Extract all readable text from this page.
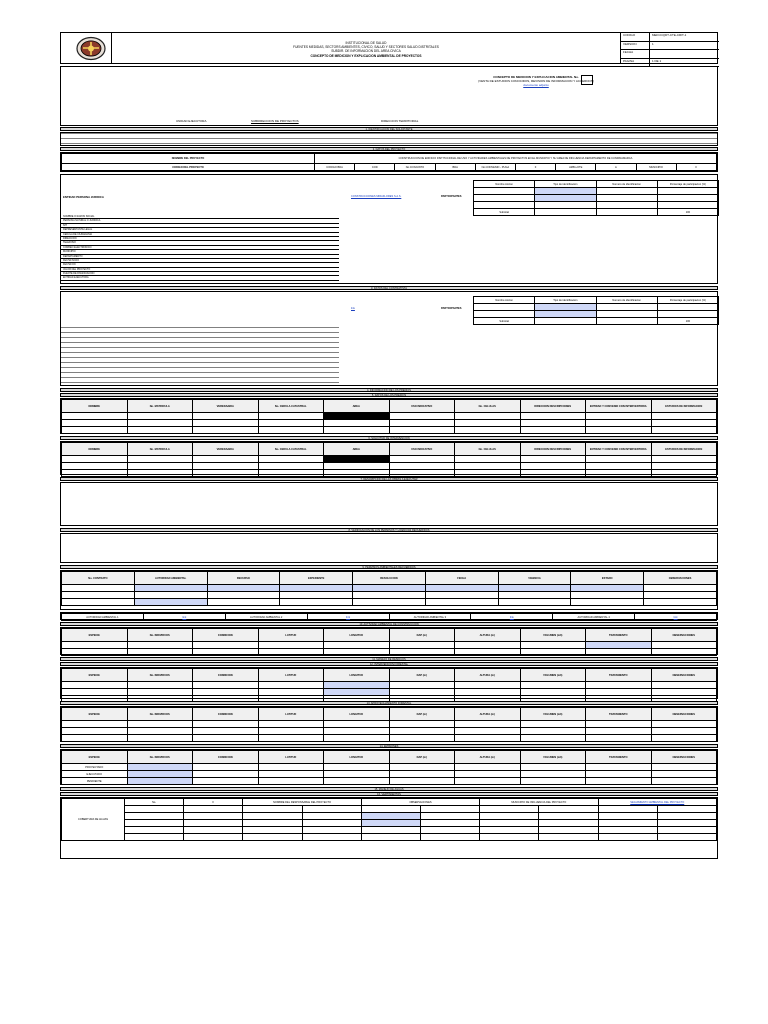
INSTITUCIONAL DE SALUD
FUENTES MEDIDAS, SECTORS AMBIENTES, CIVICO, SALUD Y SECTORES SALUD DISTRITALES
SUBDIR. DE INFORMACION DEL AREA CIVICA
CONCEPTO DE MEDICION Y EXPLICACION AMBIENTAL DE PROYECTOS
CODIGO	MEFCCQDT-CTE-CRIT-1
VERSION	1
FECHA
PAGINA	1 DE 1
CONCEPTO DE MEDICION Y EXPLICACION AMBIENTAL No.
(VENTA DE ESTUDIOS CONOCIDOS, REVISION DE INFORMACION Y ACUERDOS)
documento adjunto
UNIDAD EJECUTORA	SUBDIRECCION DE PROYECTOS	DIRECCION TERRITORIAL
1. IDENTIFICACION DEL SOLICITANTE
2. DATOS DEL PROYECTO
NOMBRE DEL PROYECTO	CONSTRUCCION DE EDIFICIO INSTITUCIONAL DE USO Y ACTIVIDADES AMBIENTALES DE PROYECTOS EN EL MUNICIPIO Y SU AREA DE INFLUENCIA DEPARTAMENTO DE CUNDINAMARCA									
CODIGO DEL PROYECTO	CODIGO BDA	COD	No.CONJUNTO	BDA	No.CONVENIO - PUGA	F	AMB-LOTE	A	MUNICIPIO	F
ENTIDAD PERSONA JURIDICA	CONSTRUCCIONES MIRAFLORES S.A.S.	PARTICIPANTES
Nombre Accion	Tipo de identificacion	Numero de identificacion	Porcentaje de participacion (%)

Subtotal			100
NOMBRE O RAZON SOCIAL
PERSONA NATURAL O JURIDICA
NIT
REPRESENTANTE LEGAL
CEDULA DE CIUDADANIA
DIRECCION
TELEFONO
CORREO ELECTRONICO
MUNICIPIO
DEPARTAMENTO
FECHA INICIO
FECHA FIN
VALOR DEL PROYECTO
FUENTE DE FINANCIACION
ENTIDAD EJECUTORA
3. DATOS DEL CONTRATISTA
link	PARTICIPANTES
Nombre Accion	Tipo de identificacion	Numero de identificacion	Porcentaje de participacion (%)

Subtotal			100
4. INFORMACION DE LOS PREDIOS
5. DATOS DE LOS PREDIOS
NOMBRE	No. MATRICULA	VEREDA/BDA	No. CEDULA CATASTRAL	AREA	USO INDICATIVO	No. CELULAS	DIRECCION DESCRIPCIONES	ENTIDAD Y CONVENIO CON INTERVENTORIA	ESTUDIOS DE INFORMACION

6. SOLICITUD DE INTERVENCION
NOMBRE	No. MATRICULA	VEREDA/BDA	No. CEDULA CATASTRAL	AREA	USO INDICATIVO	No. CELULAS	DIRECCION DESCRIPCIONES	ENTIDAD Y CONVENIO CON INTERVENTORIA	ESTUDIOS DE INFORMACION

7. DESCRIPCION DE LAS OBRAS A EJECUTAR
8. VERIFICACION DE LOS PERMISOS Y LICENCIAS REQUERIDOS
9. PERMISOS AMBIENTALES REQUERIDOS
No. CONTRATO	AUTORIDAD AMBIENTAL	RECURSO	EXPEDIENTE	RESOLUCION	FECHA	VIGENCIA	ESTADO	OBSERVACIONES

AUTORIDAD AMBIENTAL 1	link	AUTORIDAD AMBIENTAL 2	link	AUTORIDAD AMBIENTAL 3	link	AUTORIDAD AMBIENTAL 4	link
10. ACTIVIDAD AMBIENTAL DE CONSTRUCCION
ESPECIE	No. INDIVIDUOS	CONDICION	LATITUD	LONGITUD	DAP (m)	ALTURA (m)	VOLUMEN (m3)	TRATAMIENTO	OBSERVACIONES

11. MANEJO DE RESIDUOS
12. INTERVENCION FORESTAL
ESPECIE	No. INDIVIDUOS	CONDICION	LATITUD	LONGITUD	DAP (m)	ALTURA (m)	VOLUMEN (m3)	TRATAMIENTO	OBSERVACIONES

13. APROVECHAMIENTO FORESTAL
ESPECIE	No. INDIVIDUOS	CONDICION	LATITUD	LONGITUD	DAP (m)	ALTURA (m)	VOLUMEN (m3)	TRATAMIENTO	OBSERVACIONES

14. EMISIONES
ESPECIE	No. INDIVIDUOS	CONDICION	LATITUD	LONGITUD	DAP (m)	ALTURA (m)	VOLUMEN (m3)	TRATAMIENTO	OBSERVACIONES
PROYECTADO									
EJECUTADO									
PENDIENTE									
15. MANEJO DE AGUAS
16. VERTIMIENTOS
COBERTURA DE AGUAS	No.	F	NOMBRE DEL RESPONSABLE DEL PROYECTO		OBSERVACIONES		MUNICIPIO DE INFLUENCIA DEL PROYECTO		SEGUIMIENTO AMBIENTAL DEL PROYECTO	
